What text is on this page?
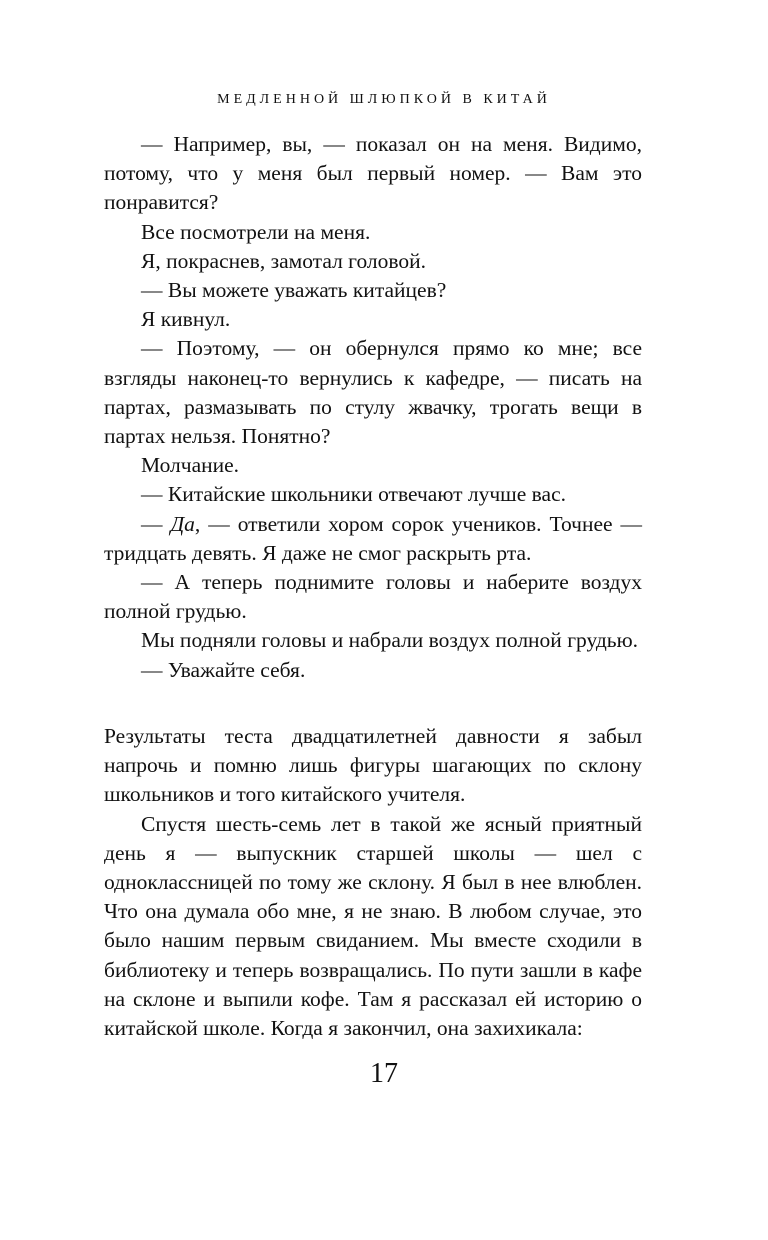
МЕДЛЕННОЙ ШЛЮПКОЙ В КИТАЙ

— Например, вы, — показал он на меня. Видимо, потому, что у меня был первый номер. — Вам это понравится?

Все посмотрели на меня.

Я, покраснев, замотал головой.

— Вы можете уважать китайцев?

Я кивнул.

— Поэтому, — он обернулся прямо ко мне; все взгляды наконец-то вернулись к кафедре, — писать на партах, размазывать по стулу жвачку, трогать вещи в партах нельзя. Понятно?

Молчание.

— Китайские школьники отвечают лучше вас.

— Да, — ответили хором сорок учеников. Точнее — тридцать девять. Я даже не смог раскрыть рта.

— А теперь поднимите головы и наберите воздух полной грудью.

Мы подняли головы и набрали воздух полной грудью.

— Уважайте себя.

Результаты теста двадцатилетней давности я забыл напрочь и помню лишь фигуры шагающих по склону школьников и того китайского учителя.

Спустя шесть-семь лет в такой же ясный приятный день я — выпускник старшей школы — шел с одноклассницей по тому же склону. Я был в нее влюблен. Что она думала обо мне, я не знаю. В любом случае, это было нашим первым свиданием. Мы вместе сходили в библиотеку и теперь возвращались. По пути зашли в кафе на склоне и выпили кофе. Там я рассказал ей историю о китайской школе. Когда я закончил, она захихикала:

17
